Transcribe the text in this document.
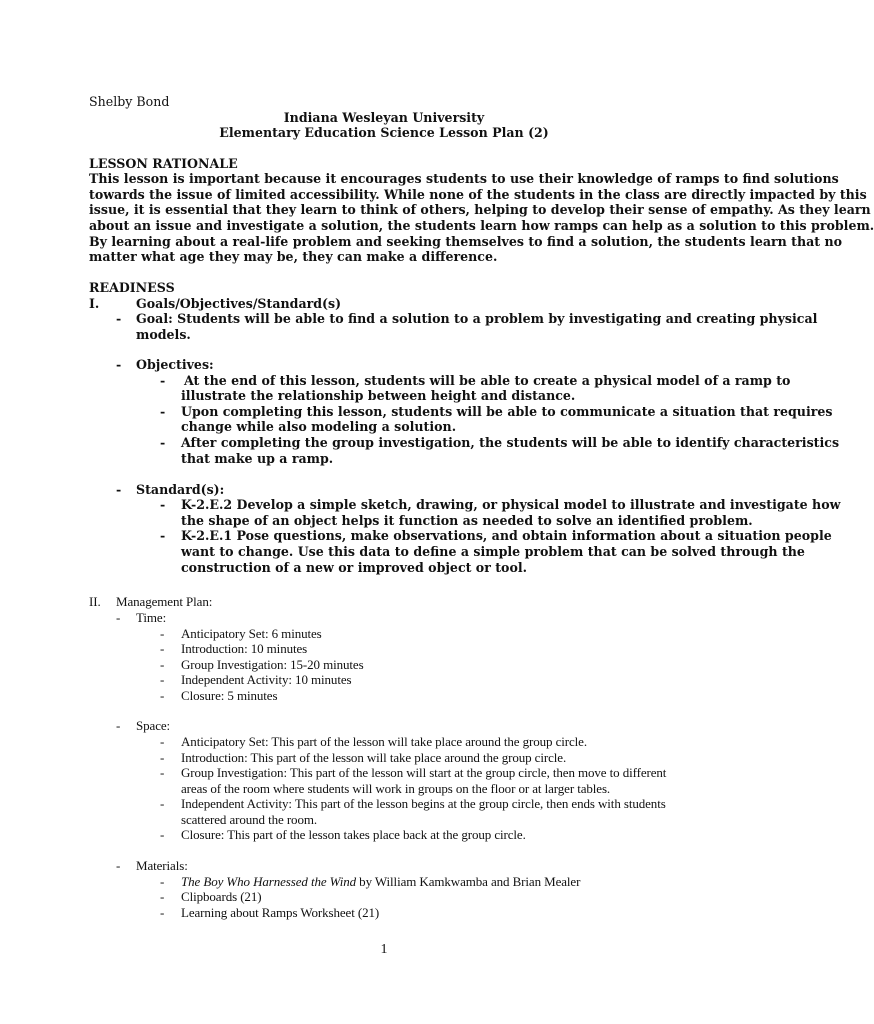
Shelby Bond
Indiana Wesleyan University
Elementary Education Science Lesson Plan (2)
LESSON RATIONALE
This lesson is important because it encourages students to use their knowledge of ramps to find solutions
towards the issue of limited accessibility. While none of the students in the class are directly impacted by this
issue, it is essential that they learn to think of others, helping to develop their sense of empathy. As they learn
about an issue and investigate a solution, the students learn how ramps can help as a solution to this problem.
By learning about a real-life problem and seeking themselves to find a solution, the students learn that no
matter what age they may be, they can make a difference.
READINESS
I.	Goals/Objectives/Standard(s)
- Goal: Students will be able to find a solution to a problem by investigating and creating physical
models.
- Objectives:
- At the end of this lesson, students will be able to create a physical model of a ramp to
illustrate the relationship between height and distance.
- Upon completing this lesson, students will be able to communicate a situation that requires
change while also modeling a solution.
- After completing the group investigation, the students will be able to identify characteristics
that make up a ramp.
- Standard(s):
- K-2.E.2 Develop a simple sketch, drawing, or physical model to illustrate and investigate how
the shape of an object helps it function as needed to solve an identified problem.
- K-2.E.1 Pose questions, make observations, and obtain information about a situation people
want to change. Use this data to define a simple problem that can be solved through the
construction of a new or improved object or tool.
II. Management Plan:
- Time:
- Anticipatory Set: 6 minutes
- Introduction: 10 minutes
- Group Investigation: 15-20 minutes
- Independent Activity: 10 minutes
- Closure: 5 minutes
- Space:
- Anticipatory Set: This part of the lesson will take place around the group circle.
- Introduction: This part of the lesson will take place around the group circle.
- Group Investigation: This part of the lesson will start at the group circle, then move to different
areas of the room where students will work in groups on the floor or at larger tables.
- Independent Activity: This part of the lesson begins at the group circle, then ends with students
scattered around the room.
- Closure: This part of the lesson takes place back at the group circle.
- Materials:
- The Boy Who Harnessed the Wind by William Kamkwamba and Brian Mealer
- Clipboards (21)
- Learning about Ramps Worksheet (21)
1
